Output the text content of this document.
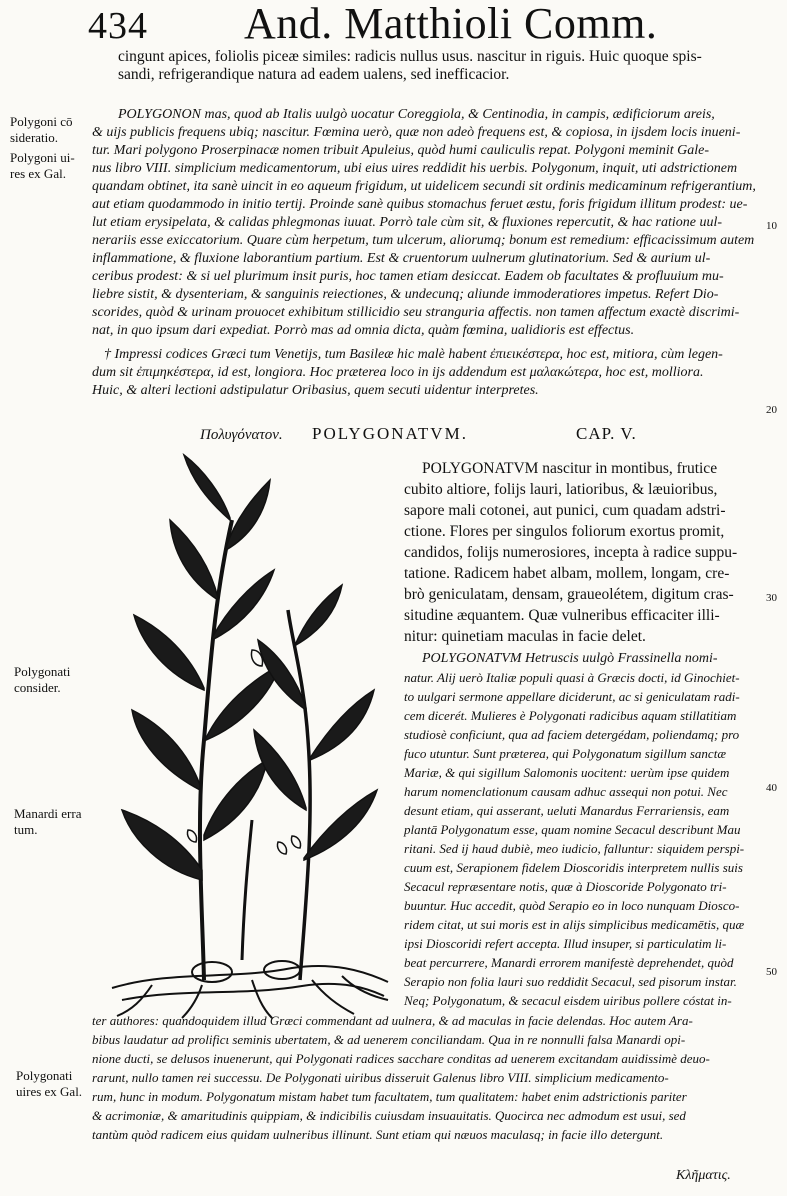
434 And. Matthioli Comm.
cingunt apices, foliolis piceæ similes: radicis nullus usus. nascitur in riguis. Huic quoque spis-
sandi, refrigerandique natura ad eadem ualens, sed inefficacior.
Polygoni cō
sideratio.
Polygoni ui-
res ex Gal.
Polygonati
consider.
Manardi erra
tum.
Polygonati
uires ex Gal.
10
20
30
40
50
POLYGONON mas, quod ab Italis uulgò uocatur Coreggiola, & Centinodia, in campis, ædificiorum areis,
& uijs publicis frequens ubiq; nascitur. Fœmina uerò, quæ non adeò frequens est, & copiosa, in ijsdem locis inueni-
tur. Mari polygono Proserpinacæ nomen tribuit Apuleius, quòd humi cauliculis repat. Polygoni meminit Gale-
nus libro VIII. simplicium medicamentorum, ubi eius uires reddidit his uerbis. Polygonum, inquit, uti adstrictionem
quandam obtinet, ita sanè uincit in eo aqueum frigidum, ut uideliceт secundi sit ordinis medicaminum refrigerantium,
aut etiam quodammodo in initio tertij. Proinde sanè quibus stomachus feruet æstu, foris frigidum illitum prodest: ue-
lut etiam erysipelata, & calidas phlegmonas iuuat. Porrò tale cùm sit, & fluxiones repercutit, & hac ratione uul-
nerariis esse exiccatorium. Quare cùm herpetum, tum ulcerum, aliorumq; bonum est remedium: efficacissimum autem
inflammatione, & fluxione laborantium partium. Est & cruentorum uulnerum glutinatorium. Sed & aurium ul-
ceribus prodest: & si uel plurimum insit puris, hoc tamen etiam desiccat. Eadem ob facultates & profluuium mu-
liebre sistit, & dysenteriam, & sanguinis reiectiones, & undecunq; aliunde immoderatiores impetus. Refert Dio-
scorides, quòd & urinam prouocet exhibitum stillicidio seu stranguria affectis. non tamen affectum exactè discrimi-
nat, in quo ipsum dari expediat. Porrò mas ad omnia dicta, quàm fœmina, ualidioris est effectus.
† Impressi codices Græci tum Venetijs, tum Basileæ hic malè habent ἐπιεικέστερα, hoc est, mitiora, cùm legen-
dum sit ἐπιμηκέστερα, id est, longiora. Hoc præterea loco in ijs addendum est μαλακώτερα, hoc est, molliora.
Huic, & alteri lectioni adstipulatur Oribasius, quem secuti uidentur interpretes.
Πολυγόνατον. POLYGONATVM.	CAP. V.
POLYGONATVM nascitur in montibus, frutice
cubito altiore, folijs lauri, latioribus, & læuioribus,
sapore mali cotonei, aut punici, cum quadam adstri-
ctione. Flores per singulos foliorum exortus promit,
candidos, folijs numerosiores, incepta à radice suppu-
tatione. Radicem habet albam, mollem, longam, cre-
brò geniculatam, densam, graueolétem, digitum cras-
situdine æquantem. Quæ vulneribus efficaciter illi-
nitur: quinetiam maculas in facie delet.
POLYGONATVM Hetruscis uulgò Frassinella nomi-
natur. Alij uerò Italiæ populi quasi à Græcis docti, id Ginochiet-
to uulgari sermone appellare diciderunt, ac si geniculatam radi-
cem dicerét. Mulieres è Polygonati radicibus aquam stillatitiam
studiosè conficiunt, qua ad faciem detergédam, poliendamq; pro
fuco utuntur. Sunt præterea, qui Polygonatum sigillum sanctæ
Mariæ, & qui sigillum Salomonis uocitent: uerùm ipse quidem
harum nomenclationum causam adhuc assequi non potui. Nec
desunt etiam, qui asserant, ueluti Manardus Ferrariensis, eam
plantā Polygonatum esse, quam nomine Secacul describunt Mau
ritani. Sed ij haud dubiè, meo iudicio, falluntur: siquidem perspi-
cuum est, Serapionem fidelem Dioscoridis interpretem nullis suis
Secacul repræsentare notis, quæ à Dioscoride Polygonato tri-
buuntur. Huc accedit, quòd Serapio eo in loco nunquam Diosco-
ridem citat, ut sui moris est in alijs simplicibus medicamētis, quæ
ipsi Dioscoridi refert accepta. Illud insuper, si particulatim li-
beat percurrere, Manardi errorem manifestè deprehendet, quòd
Serapio non folia lauri suo reddidit Secacul, sed pisorum instar.
Neq; Polygonatum, & secacul eisdem uiribus pollere cóstat in-
ter authores: quandoquidem illud Græci commendant ad uulnera, & ad maculas in facie delendas. Hoc autem Ara-
bibus laudatur ad prolificι seminis ubertatem, & ad uenerem conciliandam. Qua in re nonnulli falsa Manardi opi-
nione ducti, se delusos inuenerunt, qui Polygonati radices sacchare conditas ad uenerem excitandam auidissimè deuo-
rarunt, nullo tamen rei successu. De Polygonati uiribus disseruit Galenus libro VIII. simplicium medicamento-
rum, hunc in modum. Polygonatum mistam habet tum facultatem, tum qualitatem: habet enim adstrictionis pariter
& acrimoniæ, & amaritudinis quippiam, & indicibilis cuiusdam insuauitatis. Quocirca nec admodum est usui, sed
tantùm quòd radicem eius quidam uulneribus illinunt. Sunt etiam qui næuos maculasq; in facie illo detergunt.
Κλῆματις.
